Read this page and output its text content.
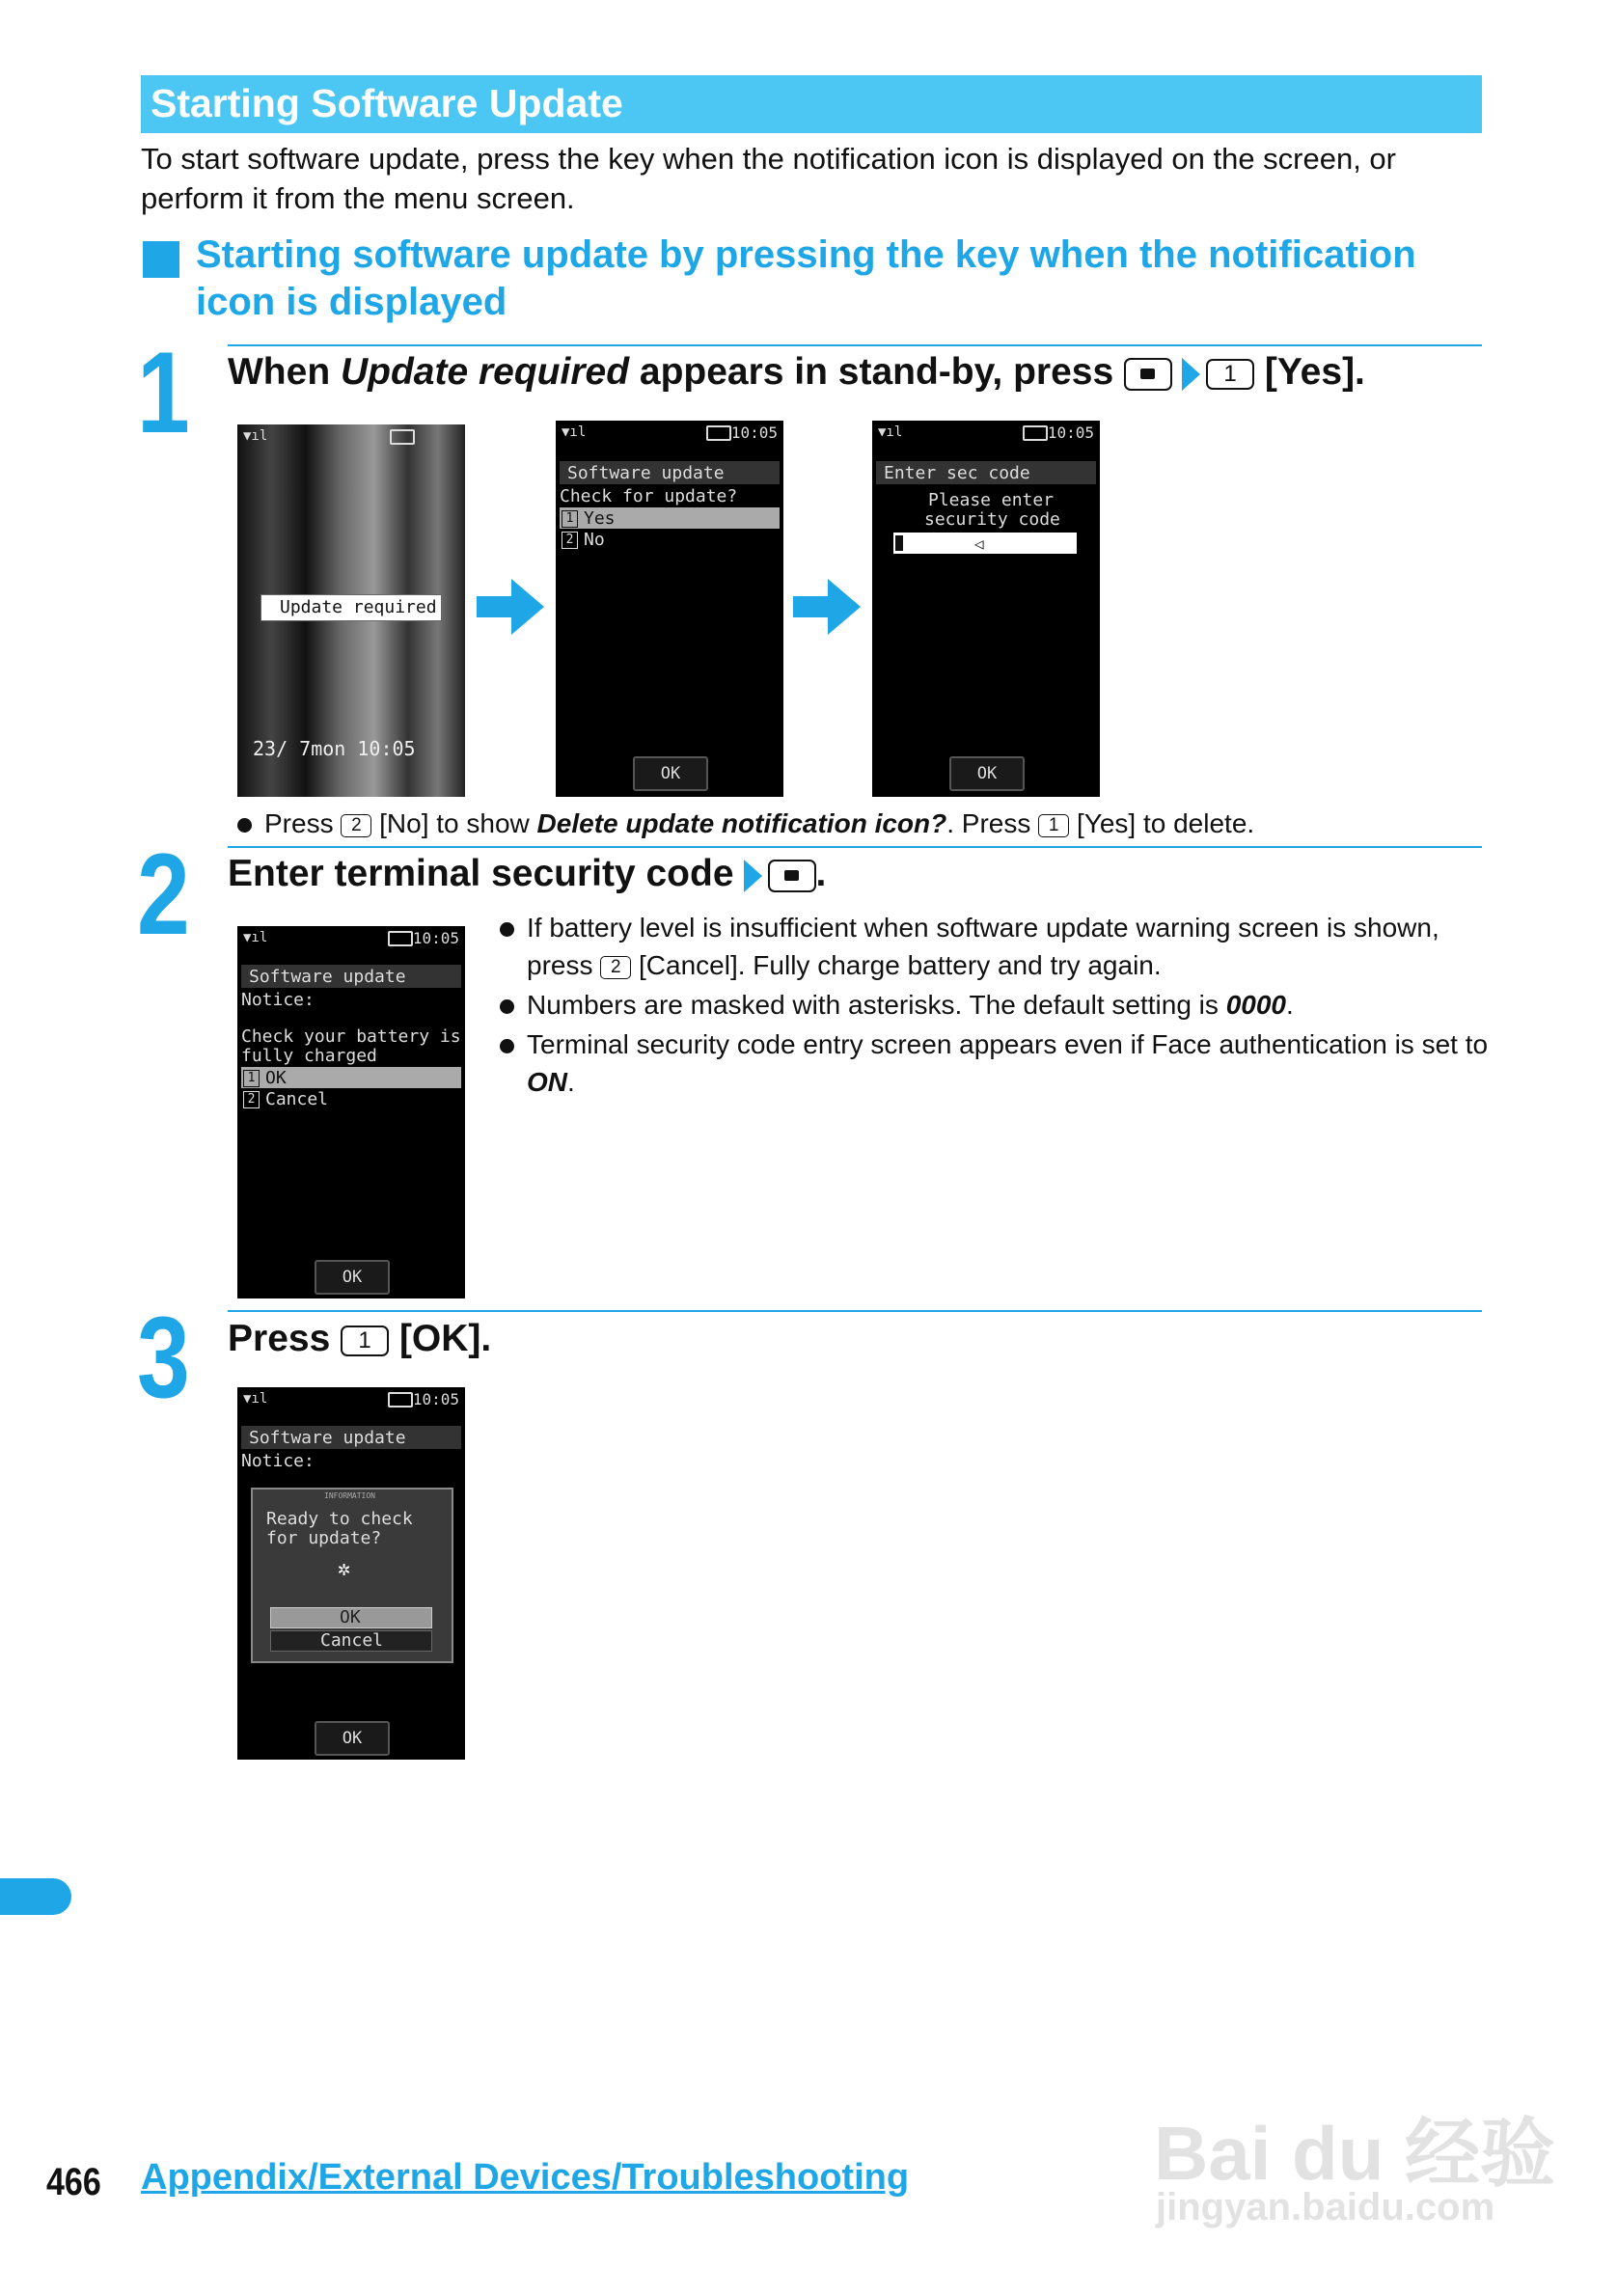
Starting Software Update
To start software update, press the key when the notification icon is displayed on the screen, or perform it from the menu screen.
Starting software update by pressing the key when the notification icon is displayed
1 When Update required appears in stand-by, press	1 [Yes].
▼ıl
Update required
23/ 7mon 10:05
▼ıl	10:05
Software update
Check for update?
1 Yes
2 No
OK
▼ıl	10:05
Enter sec code
Please enter
security code
◁
OK
Press 2 [No] to show Delete update notification icon?. Press 1 [Yes] to delete.
2 Enter terminal security code .
▼ıl	10:05
Software update
Notice:
Check your battery is
fully charged
1 OK
2 Cancel
OK
If battery level is insufficient when software update warning screen is shown, press 2 [Cancel]. Fully charge battery and try again.
Numbers are masked with asterisks. The default setting is 0000.
Terminal security code entry screen appears even if Face authentication is set to ON.
3 Press 1 [OK].
▼ıl	10:05
Software update
Notice:
INFORMATION
Ready to check
for update?
✲
OK
Cancel
OK
466 Appendix/External Devices/Troubleshooting	Bai du 经验
jingyan.baidu.com
